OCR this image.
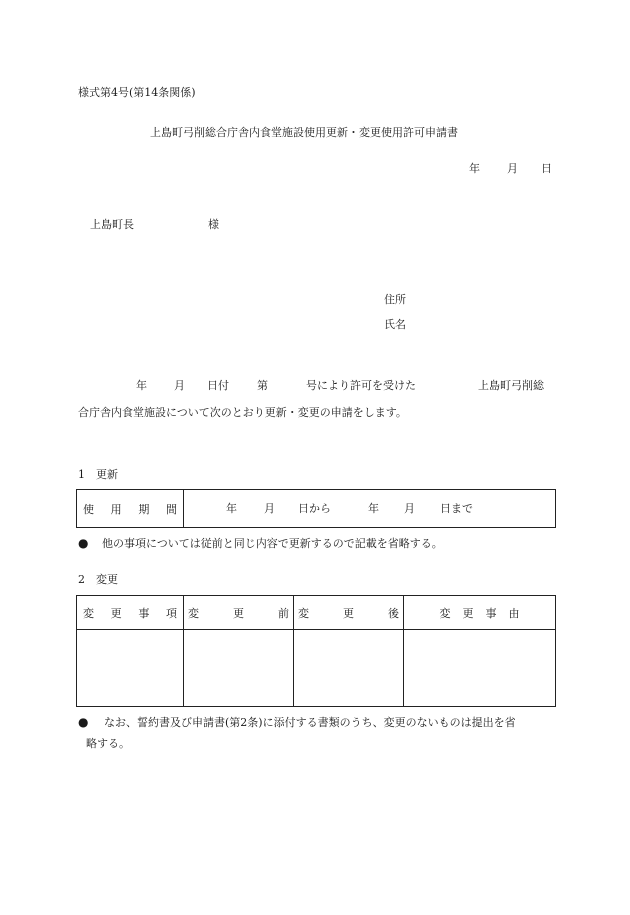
様式第4号(第14条関係)
上島町弓削総合庁舎内食堂施設使用更新・変更使用許可申請書
年 月 日
上島町長	様
住所
氏名
年 月 日付	第	号により許可を受けた	上島町弓削総
合庁舎内食堂施設について次のとおり更新・変更の申請をします。
1　更新
使 用 期 間	年 月 日から	年 月 日まで
● 他の事項については従前と同じ内容で更新するので記載を省略する。
2　変更
変 更 事 項	変 更 前	変 更 後	変 更 事 由

● なお、誓約書及び申請書(第2条)に添付する書類のうち、変更のないものは提出を省
略する。
